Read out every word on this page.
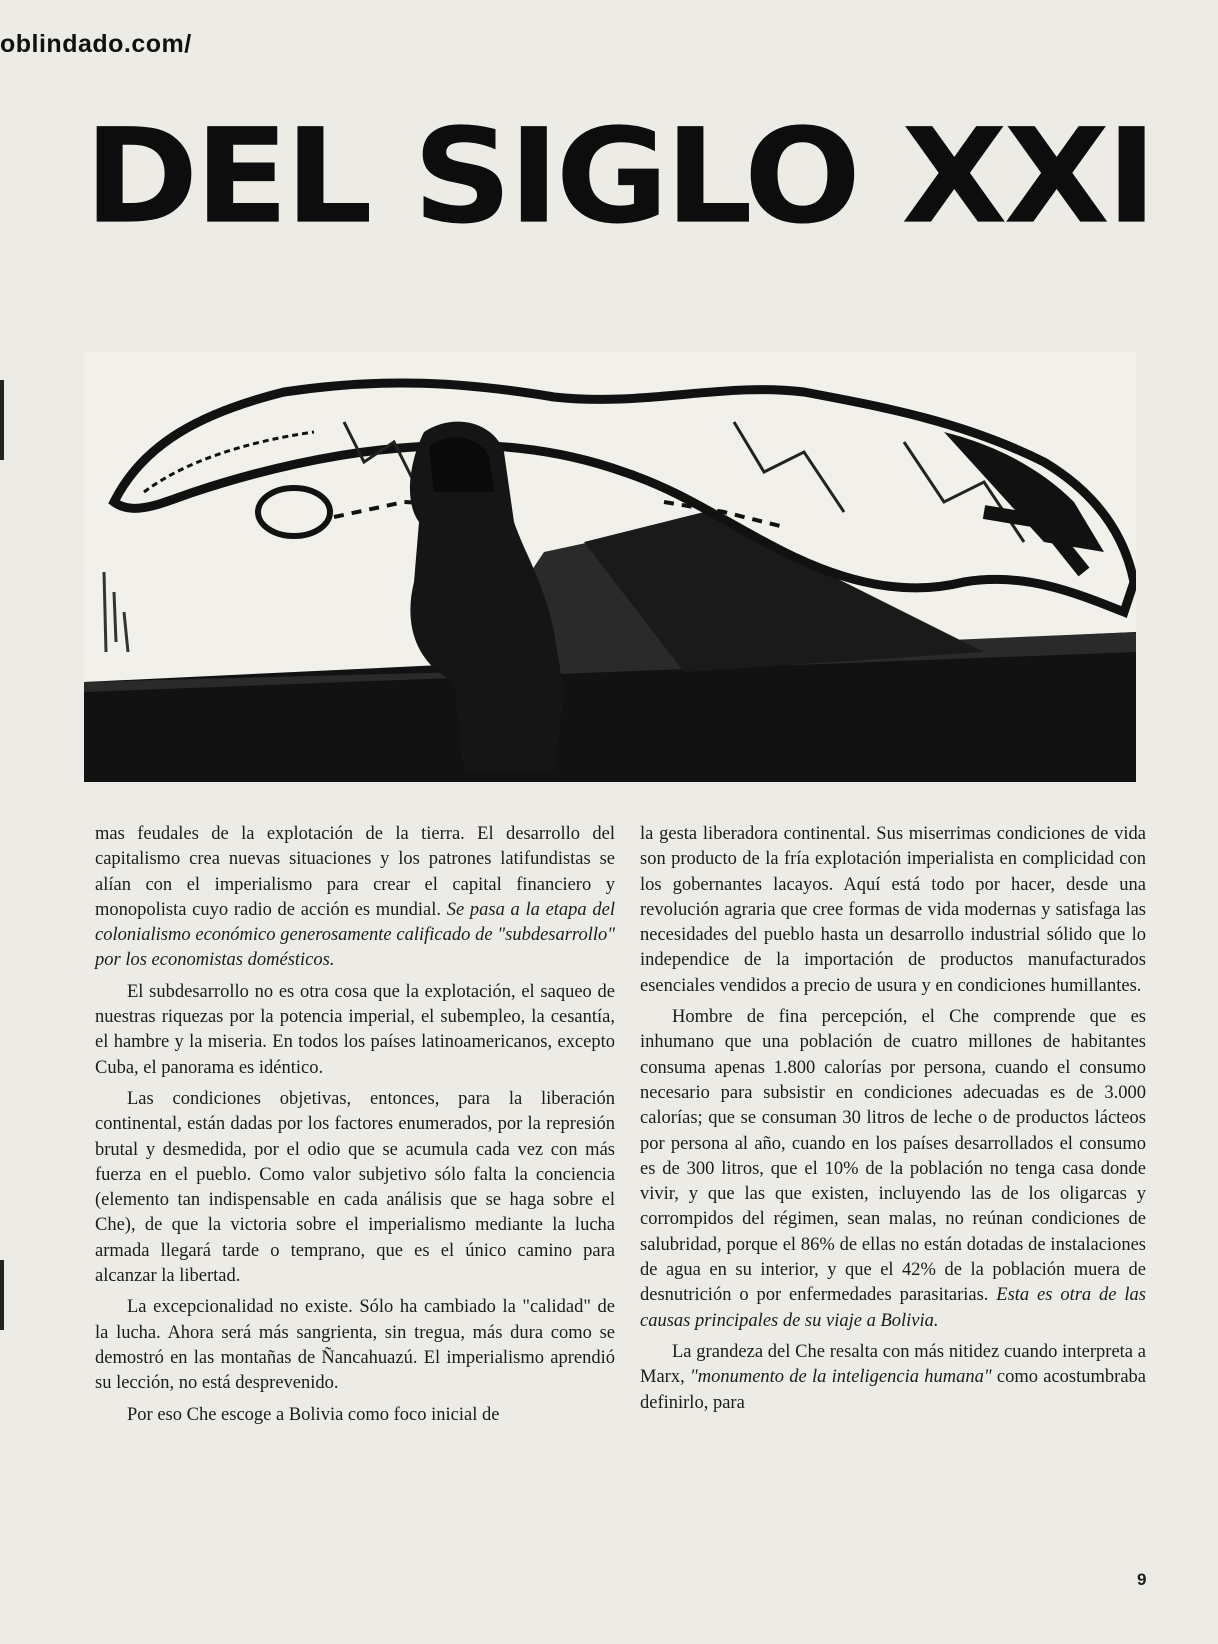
oblindado.com/
DEL SIGLO XXI

mas feudales de la explotación de la tierra. El desarrollo del capitalismo crea nuevas situaciones y los patrones latifundistas se alían con el imperialismo para crear el capital financiero y monopolista cuyo radio de acción es mundial. Se pasa a la etapa del colonialismo económico generosamente calificado de "subdesarrollo" por los economistas domésticos.

El subdesarrollo no es otra cosa que la explotación, el saqueo de nuestras riquezas por la potencia imperial, el subempleo, la cesantía, el hambre y la miseria. En todos los países latinoamericanos, excepto Cuba, el panorama es idéntico.

Las condiciones objetivas, entonces, para la liberación continental, están dadas por los factores enumerados, por la represión brutal y desmedida, por el odio que se acumula cada vez con más fuerza en el pueblo. Como valor subjetivo sólo falta la conciencia (elemento tan indispensable en cada análisis que se haga sobre el Che), de que la victoria sobre el imperialismo mediante la lucha armada llegará tarde o temprano, que es el único camino para alcanzar la libertad.

La excepcionalidad no existe. Sólo ha cambiado la "calidad" de la lucha. Ahora será más sangrienta, sin tregua, más dura como se demostró en las montañas de Ñancahuazú. El imperialismo aprendió su lección, no está desprevenido.

Por eso Che escoge a Bolivia como foco inicial de

la gesta liberadora continental. Sus miserrimas condiciones de vida son producto de la fría explotación imperialista en complicidad con los gobernantes lacayos. Aquí está todo por hacer, desde una revolución agraria que cree formas de vida modernas y satisfaga las necesidades del pueblo hasta un desarrollo industrial sólido que lo independice de la importación de productos manufacturados esenciales vendidos a precio de usura y en condiciones humillantes.

Hombre de fina percepción, el Che comprende que es inhumano que una población de cuatro millones de habitantes consuma apenas 1.800 calorías por persona, cuando el consumo necesario para subsistir en condiciones adecuadas es de 3.000 calorías; que se consuman 30 litros de leche o de productos lácteos por persona al año, cuando en los países desarrollados el consumo es de 300 litros, que el 10% de la población no tenga casa donde vivir, y que las que existen, incluyendo las de los oligarcas y corrompidos del régimen, sean malas, no reúnan condiciones de salubridad, porque el 86% de ellas no están dotadas de instalaciones de agua en su interior, y que el 42% de la población muera de desnutrición o por enfermedades parasitarias. Esta es otra de las causas principales de su viaje a Bolivia.

La grandeza del Che resalta con más nitidez cuando interpreta a Marx, "monumento de la inteligencia humana" como acostumbraba definirlo, para

9
